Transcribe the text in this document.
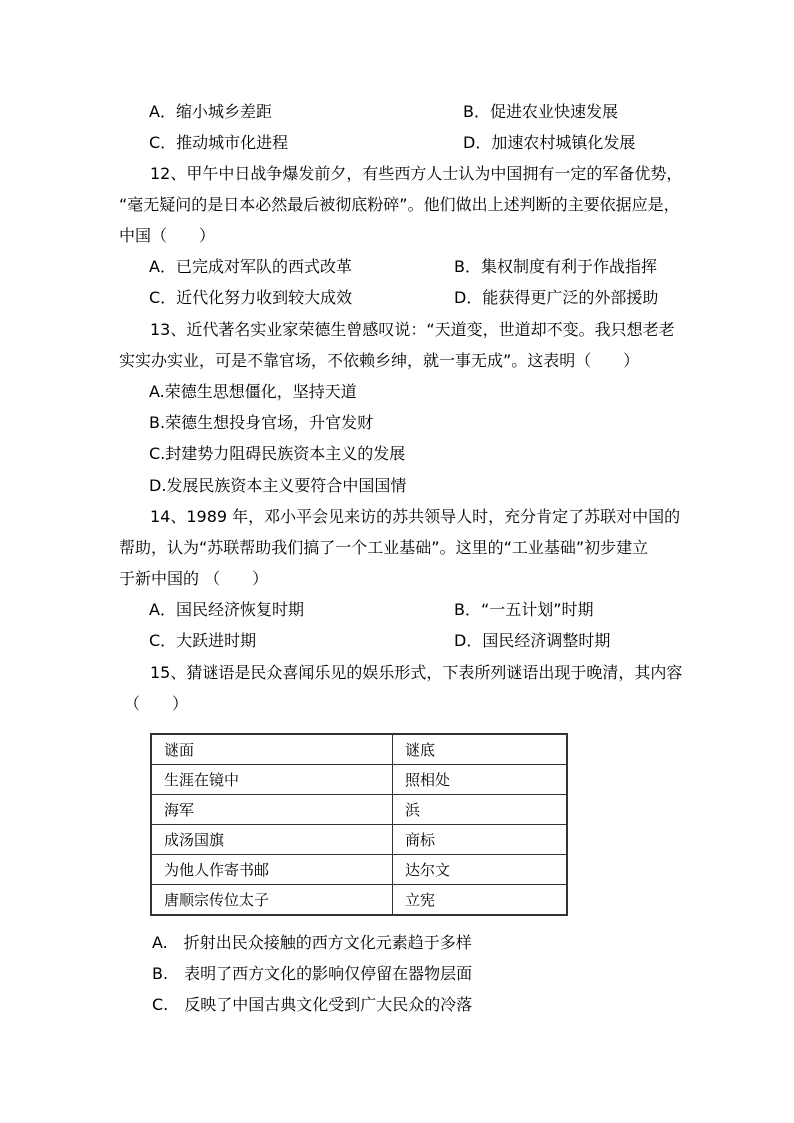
A．缩小城乡差距	B．促进农业快速发展
C．推动城市化进程	D．加速农村城镇化发展
12、甲午中日战争爆发前夕，有些西方人士认为中国拥有一定的军备优势，
“毫无疑问的是日本必然最后被彻底粉碎”。他们做出上述判断的主要依据应是，
中国（　　）
A．已完成对军队的西式改革	B．集权制度有利于作战指挥
C．近代化努力收到较大成效	D．能获得更广泛的外部援助
13、近代著名实业家荣德生曾感叹说：“天道变，世道却不变。我只想老老
实实办实业，可是不靠官场，不依赖乡绅，就一事无成”。这表明（　　）
A.荣德生思想僵化，坚持天道
B.荣德生想投身官场，升官发财
C.封建势力阻碍民族资本主义的发展
D.发展民族资本主义要符合中国国情
14、1989 年，邓小平会见来访的苏共领导人时，充分肯定了苏联对中国的
帮助，认为“苏联帮助我们搞了一个工业基础”。这里的“工业基础”初步建立
于新中国的 （　　）
A．国民经济恢复时期	B．“一五计划”时期
C．大跃进时期	D．国民经济调整时期
15、猜谜语是民众喜闻乐见的娱乐形式，下表所列谜语出现于晚清，其内容
（　　）
谜面	谜底
生涯在镜中	照相处
海军	浜
成汤国旗	商标
为他人作寄书邮	达尔文
唐顺宗传位太子	立宪
A.　折射出民众接触的西方文化元素趋于多样
B.　表明了西方文化的影响仅停留在器物层面
C.　反映了中国古典文化受到广大民众的冷落
